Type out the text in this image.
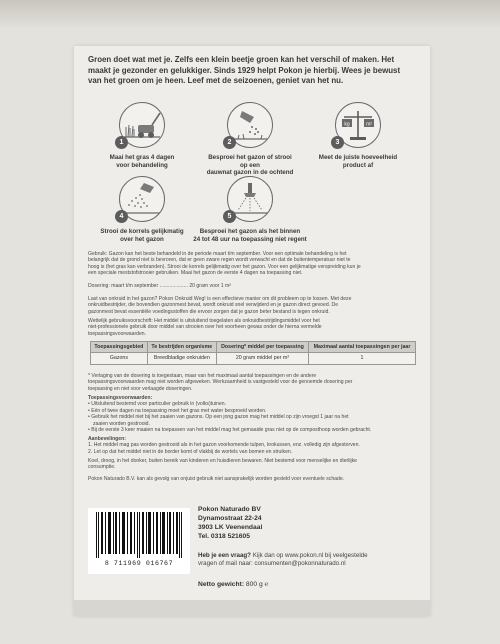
Groen doet wat met je. Zelfs een klein beetje groen kan het verschil of maken. Het
maakt je gezonder en gelukkiger. Sinds 1929 helpt Pokon je hierbij. Wees je bewust
van het groen om je heen. Leef met de seizoenen, geniet van het nu.
1
Maai het gras 4 dagen
voor behandeling
2
Besproei het gazon of strooi op een
dauwnat gazon in de ochtend
kg	m²
3
Meet de juiste hoeveelheid
product af
4
Strooi de korrels gelijkmatig
over het gazon
5
Besproei het gazon als het binnen
24 tot 48 uur na toepassing niet regent
Gebruik: Gazon kan het beste behandeld in de periode maart t/m september. Voor een optimale behandeling is het
belangrijk dat de grond niet is bevroren, dat er geen zware regen wordt verwacht en dat de buitentemperatuur niet te
hoog is (het gras kan verbranden). Strooi de korrels gelijkmatig over het gazon. Voor een gelijkmatige verspreiding kun je
een speciale meststofstrooier gebruiken. Maai het gazon de eerste 4 dagen na toepassing niet.
Dosering: maart t/m september .................... 20 gram voor 1 m²
Last van onkruid in het gazon? Pokon Onkruid Weg! is een effectieve manier om dit probleem op te lossen. Met deze
onkruidbestrijder, die bovendien gazonmest bevat, wordt onkruid snel verwijderd en je gazon direct gevoed. De
gazonmest bevat essentiële voedingsstoffen die ervoor zorgen dat je gazon beter bestand is tegen onkruid.
Wettelijk gebruiksvoorschrift: Het middel is uitsluitend toegelaten als onkruidbestrijdingsmiddel voor het
niet-professionele gebruik door middel van strooien over het voorheen gewas onder de hierna vermelde
toepassingsvoorwaarden.
Toepassingsgebied	Te bestrijden organisme	Dosering* middel per toepassing	Maximaal aantal toepassingen per jaar
Gazons	Breedbladige onkruiden	20 gram middel per m²	1
* Verlaging van de dosering is toegestaan, maar van het maximaal aantal toepassingen en de andere
toepassingsvoorwaarden mag niet worden afgeweken. Werkzaamheid is vastgesteld voor de genoemde dosering per
toepassing en niet voor verlaagde doseringen.
Toepassingsvoorwaarden:
• Uitsluitend bestemd voor particulier gebruik in (volks)tuinen.
• Eén of twee dagen na toepassing moet het gras met water besproeid worden.
• Gebruik het middel niet bij het zaaien van gazons. Op een jong gazon mag het middel op zijn vroegst 1 jaar na het
zaaien worden gestrooid.
• Bij de eerste 3 keer maaien na toepassen van het middel mag het gemaaide gras niet op de composthoop worden gebracht.
Aanbevelingen:
1. Het middel mag pas worden gestrooid als in het gazon voorkomende tulpen, krokussen, enz. volledig zijn afgestorven.
2. Let op dat het middel niet in de border komt of vlakbij de wortels van bomen en struiken.
Koel, droog, in het donker, buiten bereik van kinderen en huisdieren bewaren. Niet bestemd voor menselijke en dierlijke
consumptie.
Pokon Naturado B.V. kan als gevolg van onjuist gebruik niet aansprakelijk worden gesteld voor eventuele schade.
8 711969 016767
Pokon Naturado BV
Dynamostraat 22-24
3903 LK Veenendaal
Tel. 0318 521605
Heb je een vraag? Kijk dan op www.pokon.nl bij veelgestelde
vragen of mail naar: consumenten@pokonnaturado.nl
Netto gewicht: 800 g ℮
